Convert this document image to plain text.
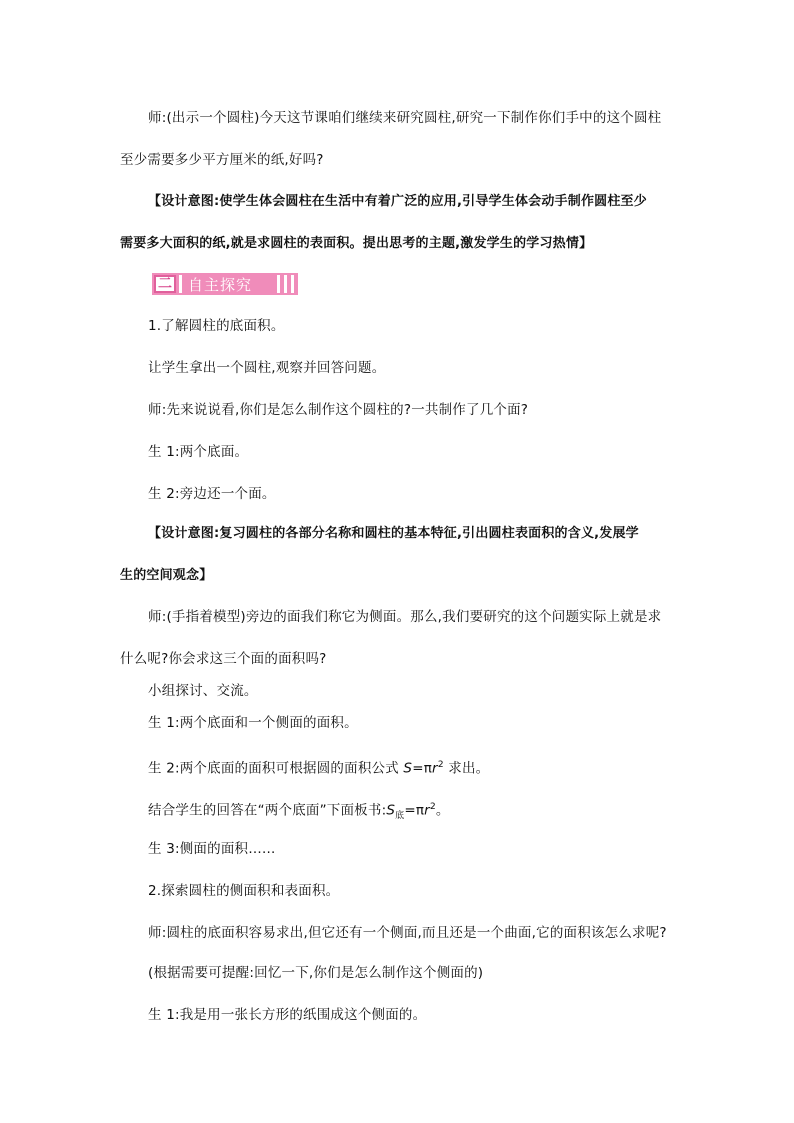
师:(出示一个圆柱)今天这节课咱们继续来研究圆柱,研究一下制作你们手中的这个圆柱
至少需要多少平方厘米的纸,好吗?
【设计意图:使学生体会圆柱在生活中有着广泛的应用,引导学生体会动手制作圆柱至少
需要多大面积的纸,就是求圆柱的表面积。提出思考的主题,激发学生的学习热情】
二 自主探究
1.了解圆柱的底面积。
让学生拿出一个圆柱,观察并回答问题。
师:先来说说看,你们是怎么制作这个圆柱的?一共制作了几个面?
生 1:两个底面。
生 2:旁边还一个面。
【设计意图:复习圆柱的各部分名称和圆柱的基本特征,引出圆柱表面积的含义,发展学
生的空间观念】
师:(手指着模型)旁边的面我们称它为侧面。那么,我们要研究的这个问题实际上就是求
什么呢?你会求这三个面的面积吗?
小组探讨、交流。
生 1:两个底面和一个侧面的面积。
生 2:两个底面的面积可根据圆的面积公式 $S=\pi r^2$ 求出。
结合学生的回答在“两个底面”下面板书$:S_底=\pi r^2$。
生 3:侧面的面积……
2.探索圆柱的侧面积和表面积。
师:圆柱的底面积容易求出,但它还有一个侧面,而且还是一个曲面,它的面积该怎么求呢?
(根据需要可提醒:回忆一下,你们是怎么制作这个侧面的)
生 1:我是用一张长方形的纸围成这个侧面的。
